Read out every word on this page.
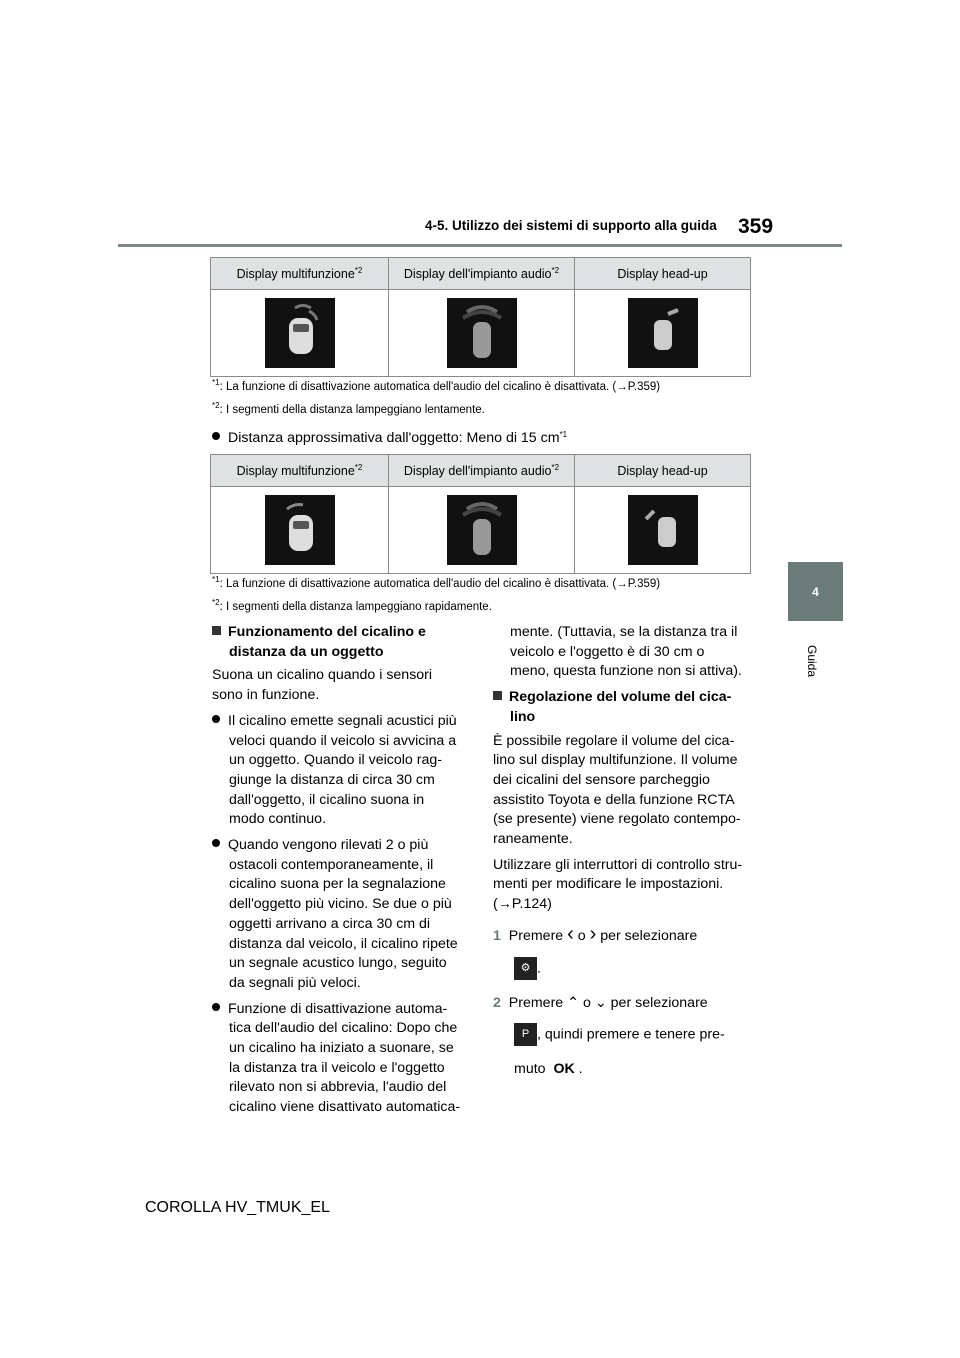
4-5. Utilizzo dei sistemi di supporto alla guida 359
4
Guida
Display multifunzione$^{*2}$	Display dell'impianto audio$^{*2}$	Display head-up

$^{*1}$: La funzione di disattivazione automatica dell'audio del cicalino è disattivata. (→P.359)
$^{*2}$: I segmenti della distanza lampeggiano lentamente.
Distanza approssimativa dall'oggetto: Meno di 15 $cm^{*1}$
Display multifunzione$^{*2}$	Display dell'impianto audio$^{*2}$	Display head-up

$^{*1}$: La funzione di disattivazione automatica dell'audio del cicalino è disattivata. (→P.359)
$^{*2}$: I segmenti della distanza lampeggiano rapidamente.
Funzionamento del cicalino e
distanza da un oggetto
Suona un cicalino quando i sensori
sono in funzione.
Il cicalino emette segnali acustici più
veloci quando il veicolo si avvicina a
un oggetto. Quando il veicolo rag-
giunge la distanza di circa 30 cm
dall'oggetto, il cicalino suona in
modo continuo.
Quando vengono rilevati 2 o più
ostacoli contemporaneamente, il
cicalino suona per la segnalazione
dell'oggetto più vicino. Se due o più
oggetti arrivano a circa 30 cm di
distanza dal veicolo, il cicalino ripete
un segnale acustico lungo, seguito
da segnali più veloci.
Funzione di disattivazione automa-
tica dell'audio del cicalino: Dopo che
un cicalino ha iniziato a suonare, se
la distanza tra il veicolo e l'oggetto
rilevato non si abbrevia, l'audio del
cicalino viene disattivato automatica-
mente. (Tuttavia, se la distanza tra il
veicolo e l'oggetto è di 30 cm o
meno, questa funzione non si attiva).
Regolazione del volume del cica-
lino
È possibile regolare il volume del cica-
lino sul display multifunzione. Il volume
dei cicalini del sensore parcheggio
assistito Toyota e della funzione RCTA
(se presente) viene regolato contempo-
raneamente.
Utilizzare gli interruttori di controllo stru-
menti per modificare le impostazioni.
(→P.124)
1 Premere ‹ o › per selezionare
⚙ .
2 Premere ⌃ o ⌄ per selezionare
P , quindi premere e tenere pre-
muto OK .
COROLLA HV_TMUK_EL
